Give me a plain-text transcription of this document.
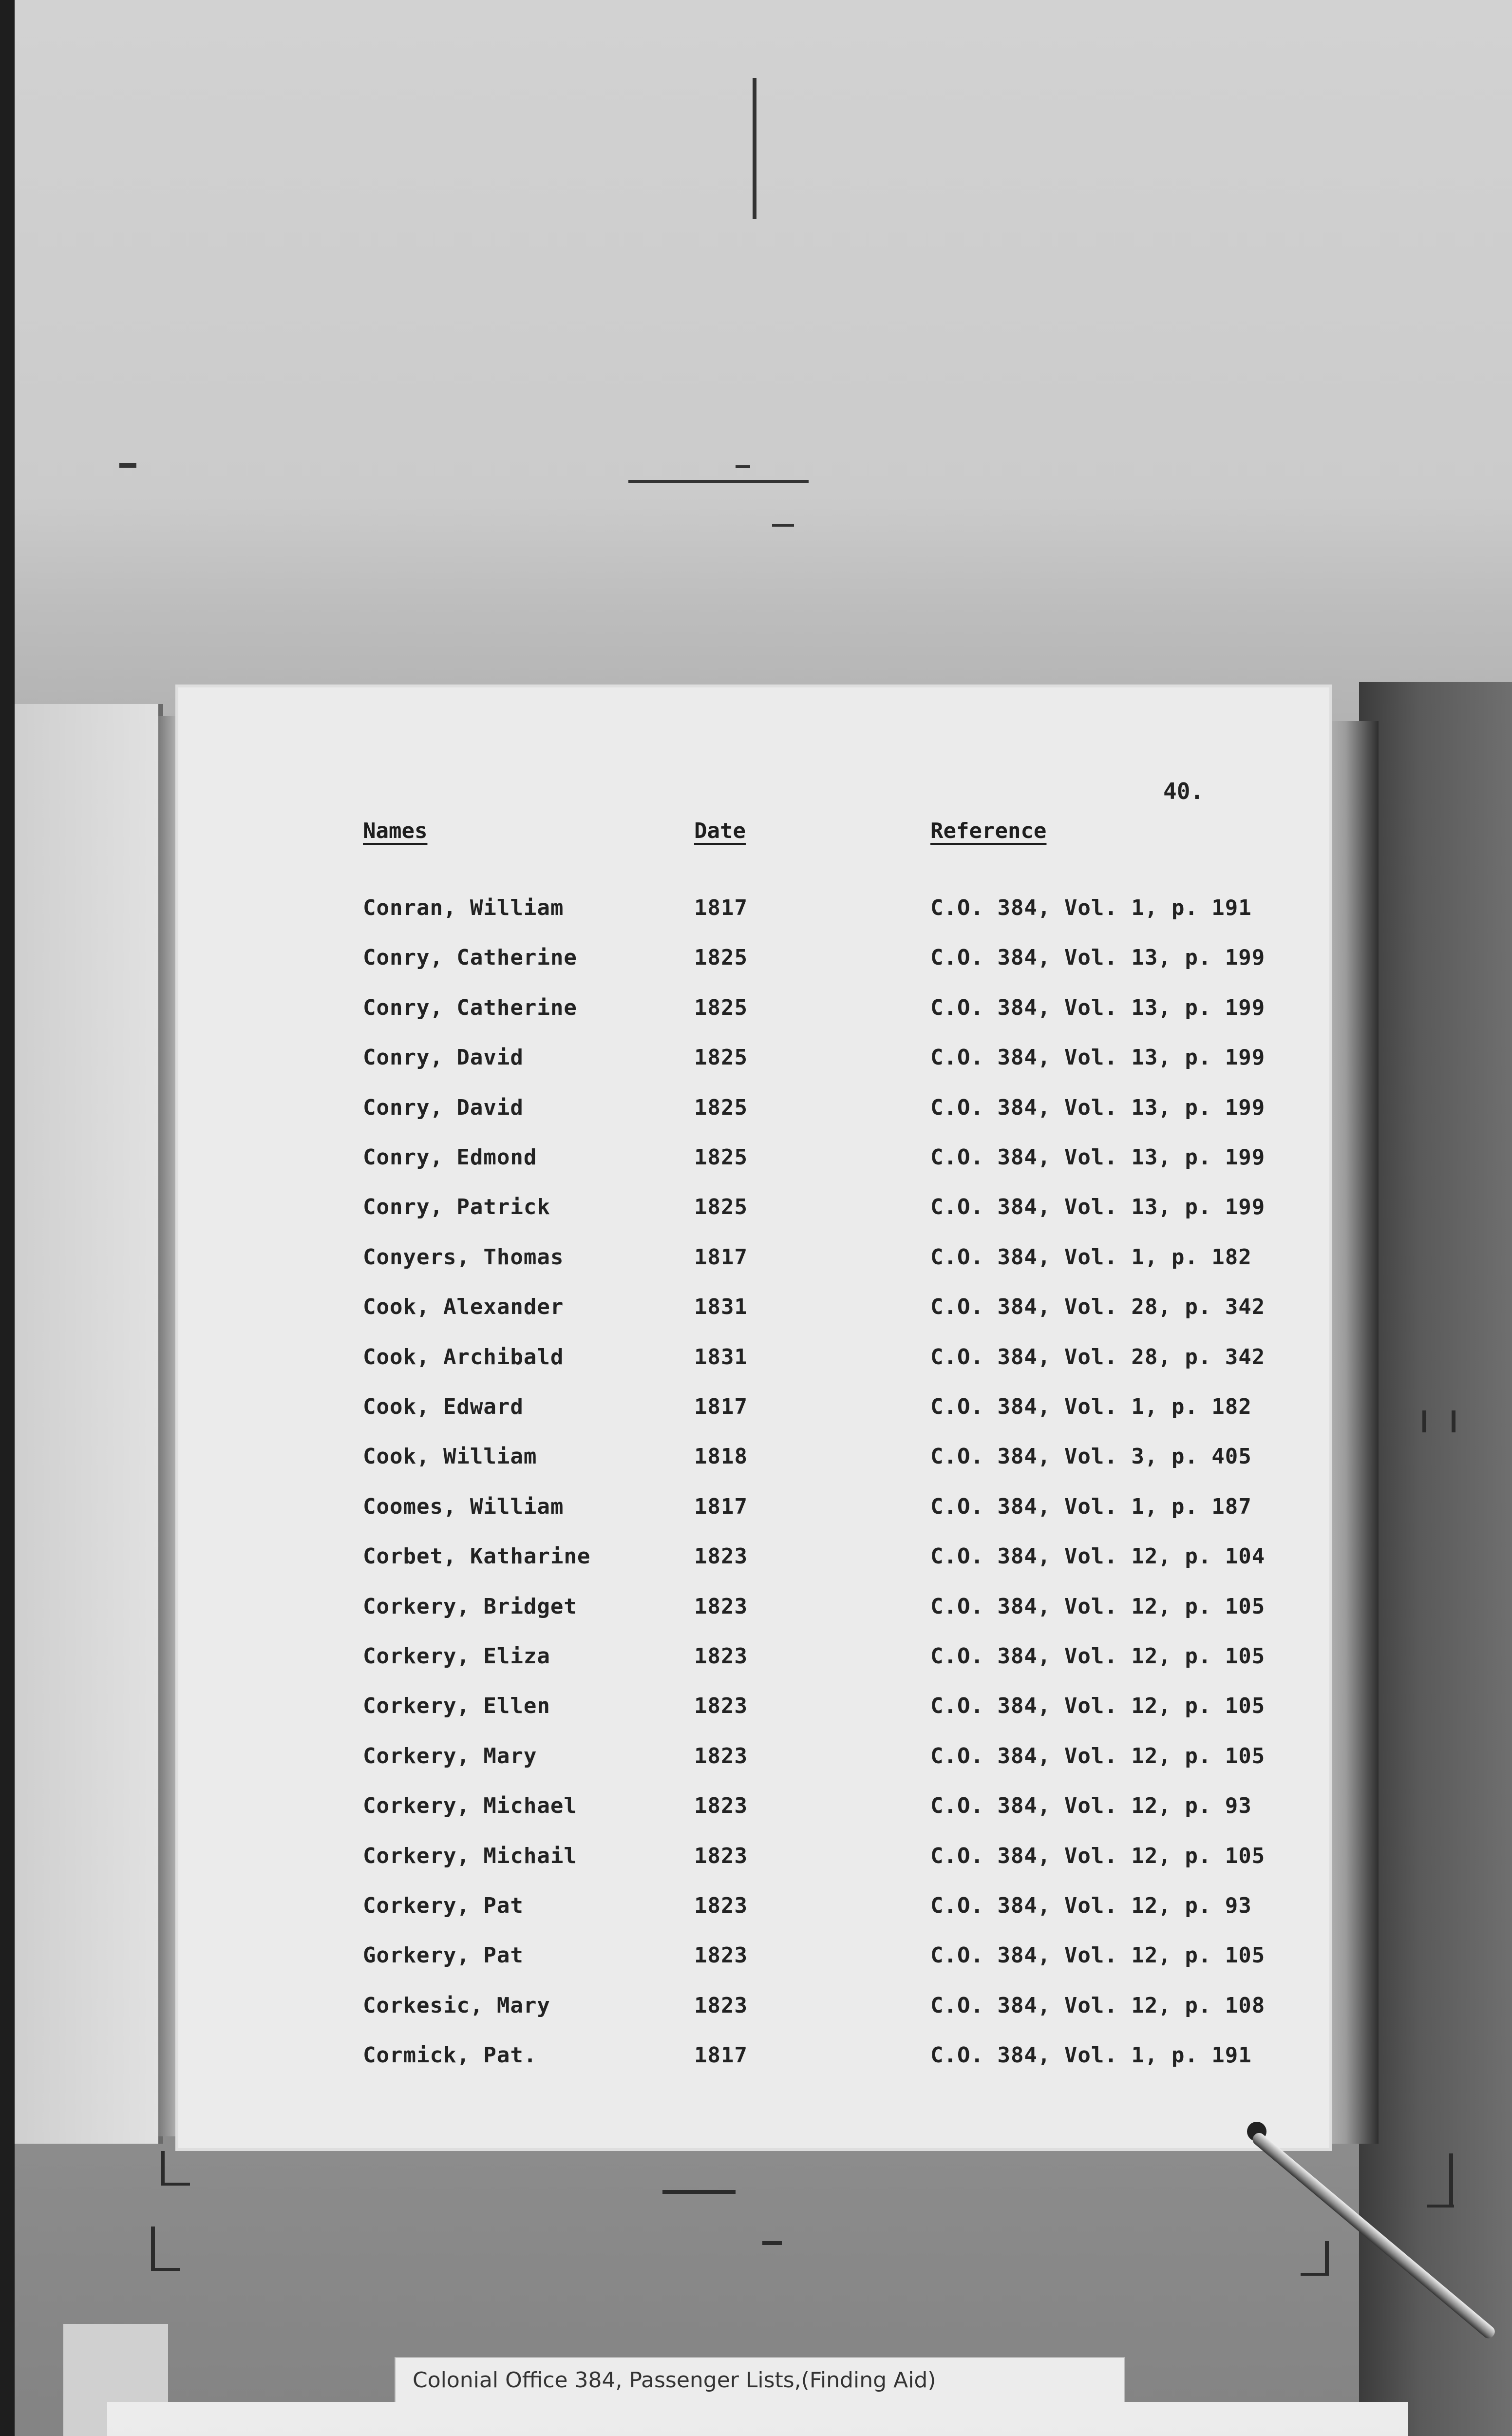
40.
Names	Date	Reference
Conran, William	1817	C.O. 384, Vol. 1, p. 191
Conry, Catherine	1825	C.O. 384, Vol. 13, p. 199
Conry, Catherine	1825	C.O. 384, Vol. 13, p. 199
Conry, David	1825	C.O. 384, Vol. 13, p. 199
Conry, David	1825	C.O. 384, Vol. 13, p. 199
Conry, Edmond	1825	C.O. 384, Vol. 13, p. 199
Conry, Patrick	1825	C.O. 384, Vol. 13, p. 199
Conyers, Thomas	1817	C.O. 384, Vol. 1, p. 182
Cook, Alexander	1831	C.O. 384, Vol. 28, p. 342
Cook, Archibald	1831	C.O. 384, Vol. 28, p. 342
Cook, Edward	1817	C.O. 384, Vol. 1, p. 182
Cook, William	1818	C.O. 384, Vol. 3, p. 405
Coomes, William	1817	C.O. 384, Vol. 1, p. 187
Corbet, Katharine	1823	C.O. 384, Vol. 12, p. 104
Corkery, Bridget	1823	C.O. 384, Vol. 12, p. 105
Corkery, Eliza	1823	C.O. 384, Vol. 12, p. 105
Corkery, Ellen	1823	C.O. 384, Vol. 12, p. 105
Corkery, Mary	1823	C.O. 384, Vol. 12, p. 105
Corkery, Michael	1823	C.O. 384, Vol. 12, p. 93
Corkery, Michail	1823	C.O. 384, Vol. 12, p. 105
Corkery, Pat	1823	C.O. 384, Vol. 12, p. 93
Gorkery, Pat	1823	C.O. 384, Vol. 12, p. 105
Corkesic, Mary	1823	C.O. 384, Vol. 12, p. 108
Cormick, Pat.	1817	C.O. 384, Vol. 1, p. 191
Colonial Office 384, Passenger Lists,(Finding Aid)
